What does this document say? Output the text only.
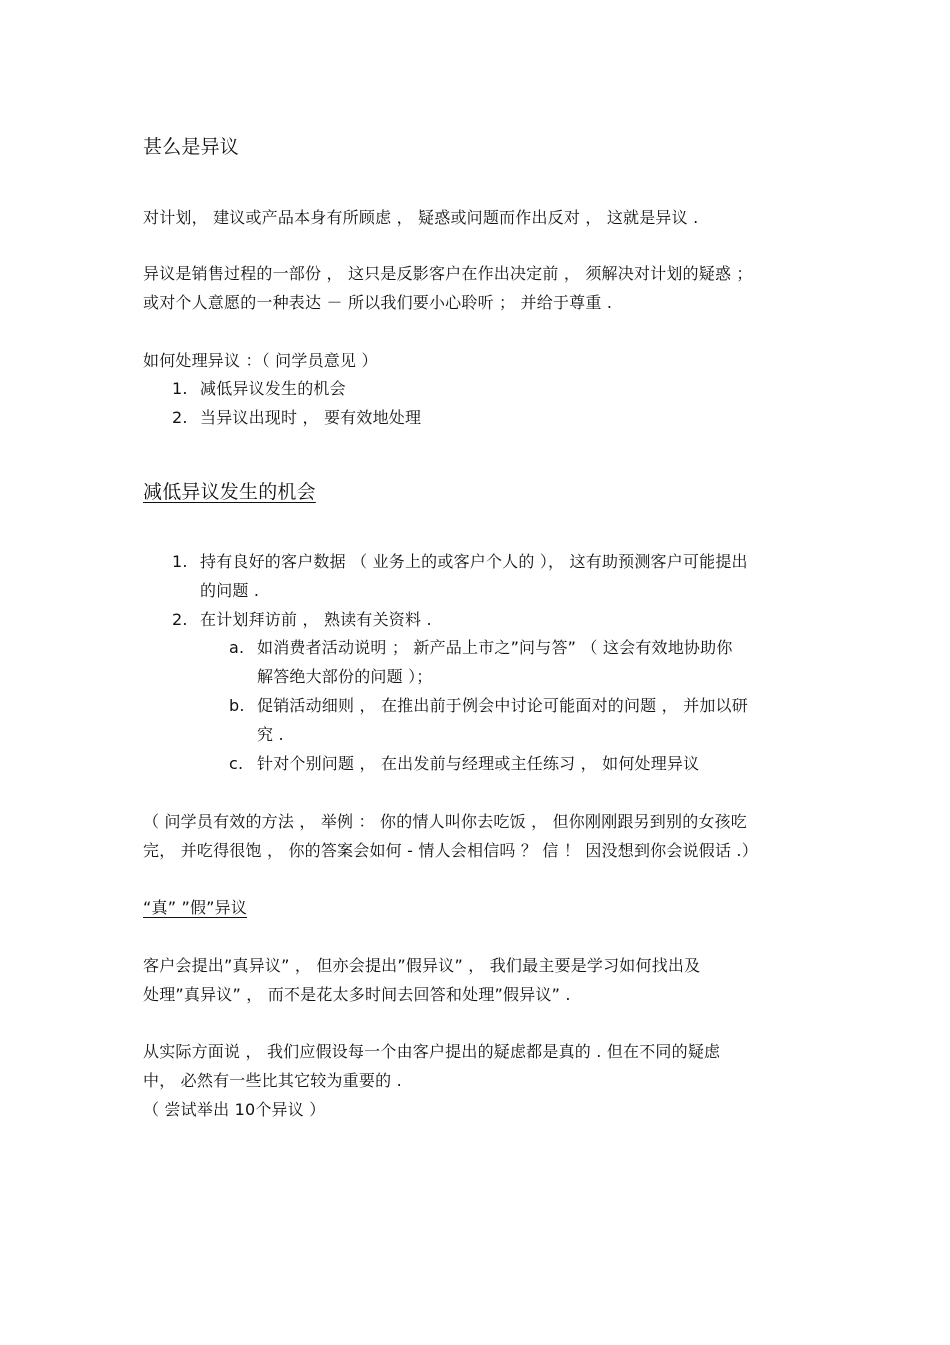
甚么是异议
对计划， 建议或产品本身有所顾虑 ， 疑惑或问题而作出反对 ， 这就是异议 .
异议是销售过程的一部份 ， 这只是反影客户在作出决定前 ， 须解决对计划的疑惑 ；
或对个人意愿的一种表达 － 所以我们要小心聆听 ； 并给于尊重 .
如何处理异议 ：（ 问学员意见 ）
1. 减低异议发生的机会
2. 当异议出现时 ， 要有效地处理
减低异议发生的机会
1. 持有良好的客户数据 （ 业务上的或客户个人的 ）， 这有助预测客户可能提出
的问题 .
2. 在计划拜访前 ， 熟读有关资料 .
a. 如消费者活动说明 ； 新产品上市之”问与答” （ 这会有效地协助你
解答绝大部份的问题 ）；
b. 促销活动细则 ， 在推出前于例会中讨论可能面对的问题 ， 并加以研
究 .
c. 针对个别问题 ， 在出发前与经理或主任练习 ， 如何处理异议
（ 问学员有效的方法 ， 举例 ： 你的情人叫你去吃饭 ， 但你刚刚跟另到别的女孩吃
完， 并吃得很饱 ， 你的答案会如何 - 情人会相信吗 ？ 信 ！ 因没想到你会说假话 .）
“真” ”假”异议
客户会提出”真异议” ， 但亦会提出”假异议” ， 我们最主要是学习如何找出及
处理”真异议” ， 而不是花太多时间去回答和处理”假异议” .
从实际方面说 ， 我们应假设每一个由客户提出的疑虑都是真的 . 但在不同的疑虑
中， 必然有一些比其它较为重要的 .
（ 尝试举出 10个异议 ）
